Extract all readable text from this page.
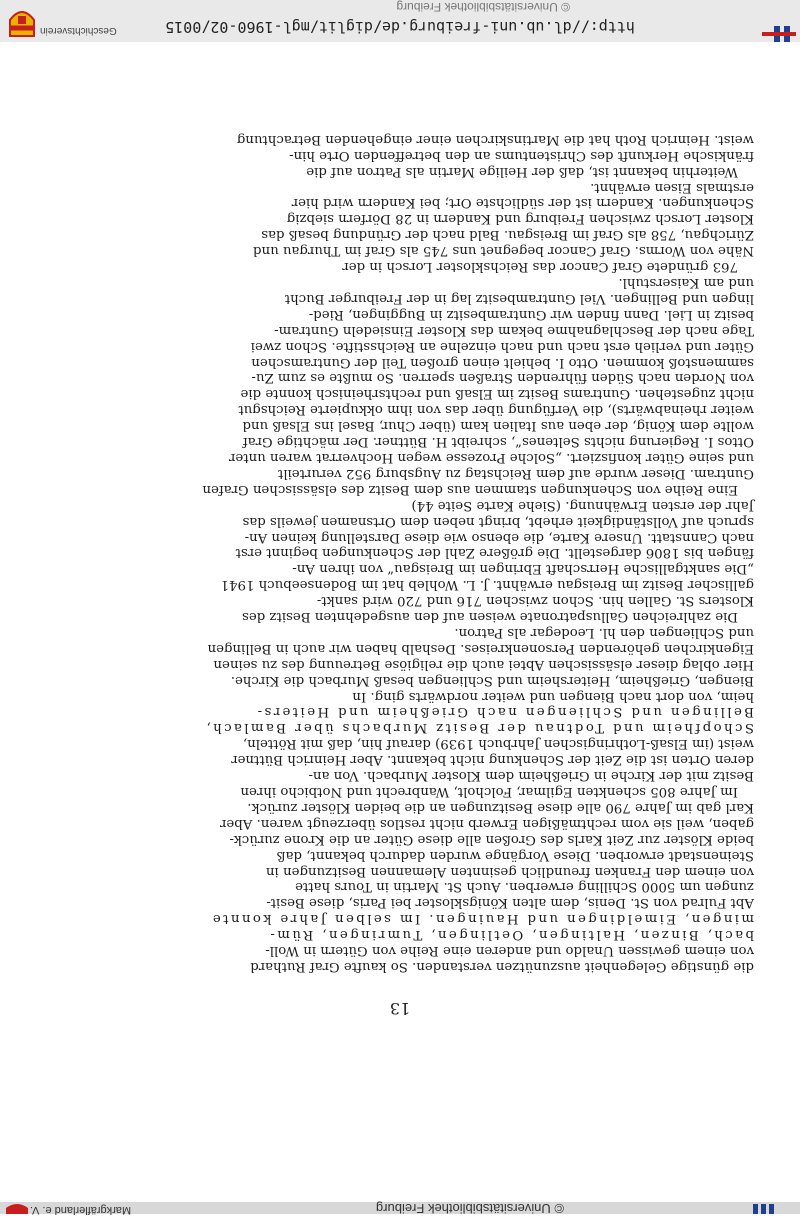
© Universitätsbibliothek Freiburg
Markgräflerland e. V.
13

die günstige Gelegenheit auszunützen verstanden. So kaufte Graf Ruthard
von einem gewissen Unaldo und anderen eine Reihe von Gütern in Woll-
bach, Binzen, Haltingen, Oetlingen, Tumringen, Rüm-
mingen, Eimeldingen und Hauingen. Im selben Jahre konnte
Abt Fulrad von St. Denis, dem alten Königskloster bei Paris, diese Besit-
zungen um 5000 Schilling erwerben. Auch St. Martin in Tours hatte
von einem den Franken freundlich gesinnten Alemannen Besitzungen in
Steinenstadt erworben. Diese Vorgänge wurden dadurch bekannt, daß
beide Klöster zur Zeit Karls des Großen alle diese Güter an die Krone zurück-
gaben, weil sie vom rechtmäßigen Erwerb nicht restlos überzeugt waren. Aber
Karl gab im Jahre 790 alle diese Besitzungen an die beiden Klöster zurück.

Im Jahre 805 schenkten Egilmar, Folcholt, Wanbrecht und Notbicho ihren
Besitz mit der Kirche in Grießheim dem Kloster Murbach. Von an-
deren Orten ist die Zeit der Schenkung nicht bekannt. Aber Heinrich Büttner
weist (im Elsaß-Lothringischen Jahrbuch 1939) darauf hin, daß mit Rötteln,
Schopfheim und Todtnau der Besitz Murbachs über Bamlach,
Bellingen und Schliengen nach Grießheim und Heiters-
heim, von dort nach Biengen und weiter nordwärts ging. In
Biengen, Grießheim, Heitersheim und Schliengen besaß Murbach die Kirche.
Hier oblag dieser elsässischen Abtei auch die religiöse Betreuung des zu seinen
Eigenkirchen gehörenden Personenkreises. Deshalb haben wir auch in Bellingen
und Schliengen den hl. Leodegar als Patron.

Die zahlreichen Galluspatronate weisen auf den ausgedehnten Besitz des
Klosters St. Gallen hin. Schon zwischen 716 und 720 wird sankt-
gallischer Besitz im Breisgau erwähnt. J. L. Wohleb hat im Bodenseebuch 1941
„Die sanktgallische Herrschaft Ebringen im Breisgau“ von ihren An-
fängen bis 1806 dargestellt. Die größere Zahl der Schenkungen beginnt erst
nach Cannstatt. Unsere Karte, die ebenso wie diese Darstellung keinen An-
spruch auf Vollständigkeit erhebt, bringt neben dem Ortsnamen jeweils das
Jahr der ersten Erwähnung. (Siehe Karte Seite 44)

Eine Reihe von Schenkungen stammen aus dem Besitz des elsässischen Grafen
Guntram. Dieser wurde auf dem Reichstag zu Augsburg 952 verurteilt
und seine Güter konfisziert. „Solche Prozesse wegen Hochverrat waren unter
Ottos I. Regierung nichts Seltenes“, schreibt H. Büttner. Der mächtige Graf
wollte dem König, der eben aus Italien kam (über Chur, Basel ins Elsaß und
weiter rheinabwärts), die Verfügung über das von ihm okkupierte Reichsgut
nicht zugestehen. Guntrams Besitz im Elsaß und rechtsrheinisch konnte die
von Norden nach Süden führenden Straßen sperren. So mußte es zum Zu-
sammenstoß kommen. Otto I. behielt einen großen Teil der Guntramschen
Güter und verlieh erst nach und nach einzelne an Reichsstifte. Schon zwei
Tage nach der Beschlagnahme bekam das Kloster Einsiedeln Guntram-
besitz in Liel. Dann finden wir Guntrambesitz in Buggingen, Ried-
lingen und Bellingen. Viel Guntrambesitz lag in der Freiburger Bucht
und am Kaiserstuhl.

763 gründete Graf Cancor das Reichskloster Lorsch in der
Nähe von Worms. Graf Cancor begegnet uns 745 als Graf im Thurgau und
Zürichgau, 758 als Graf im Breisgau. Bald nach der Gründung besaß das
Kloster Lorsch zwischen Freiburg und Kandern in 28 Dörfern siebzig
Schenkungen. Kandern ist der südlichste Ort; bei Kandern wird hier
erstmals Eisen erwähnt.

Weiterhin bekannt ist, daß der Heilige Martin als Patron auf die
fränkische Herkunft des Christentums an den betreffenden Orte hin-
weist. Heinrich Roth hat die Martinskirchen einer eingehenden Betrachtung

http://dl.ub.uni-freiburg.de/diglit/mgl-1960-02/0015
© Universitätsbibliothek Freiburg
Geschichtsverein
